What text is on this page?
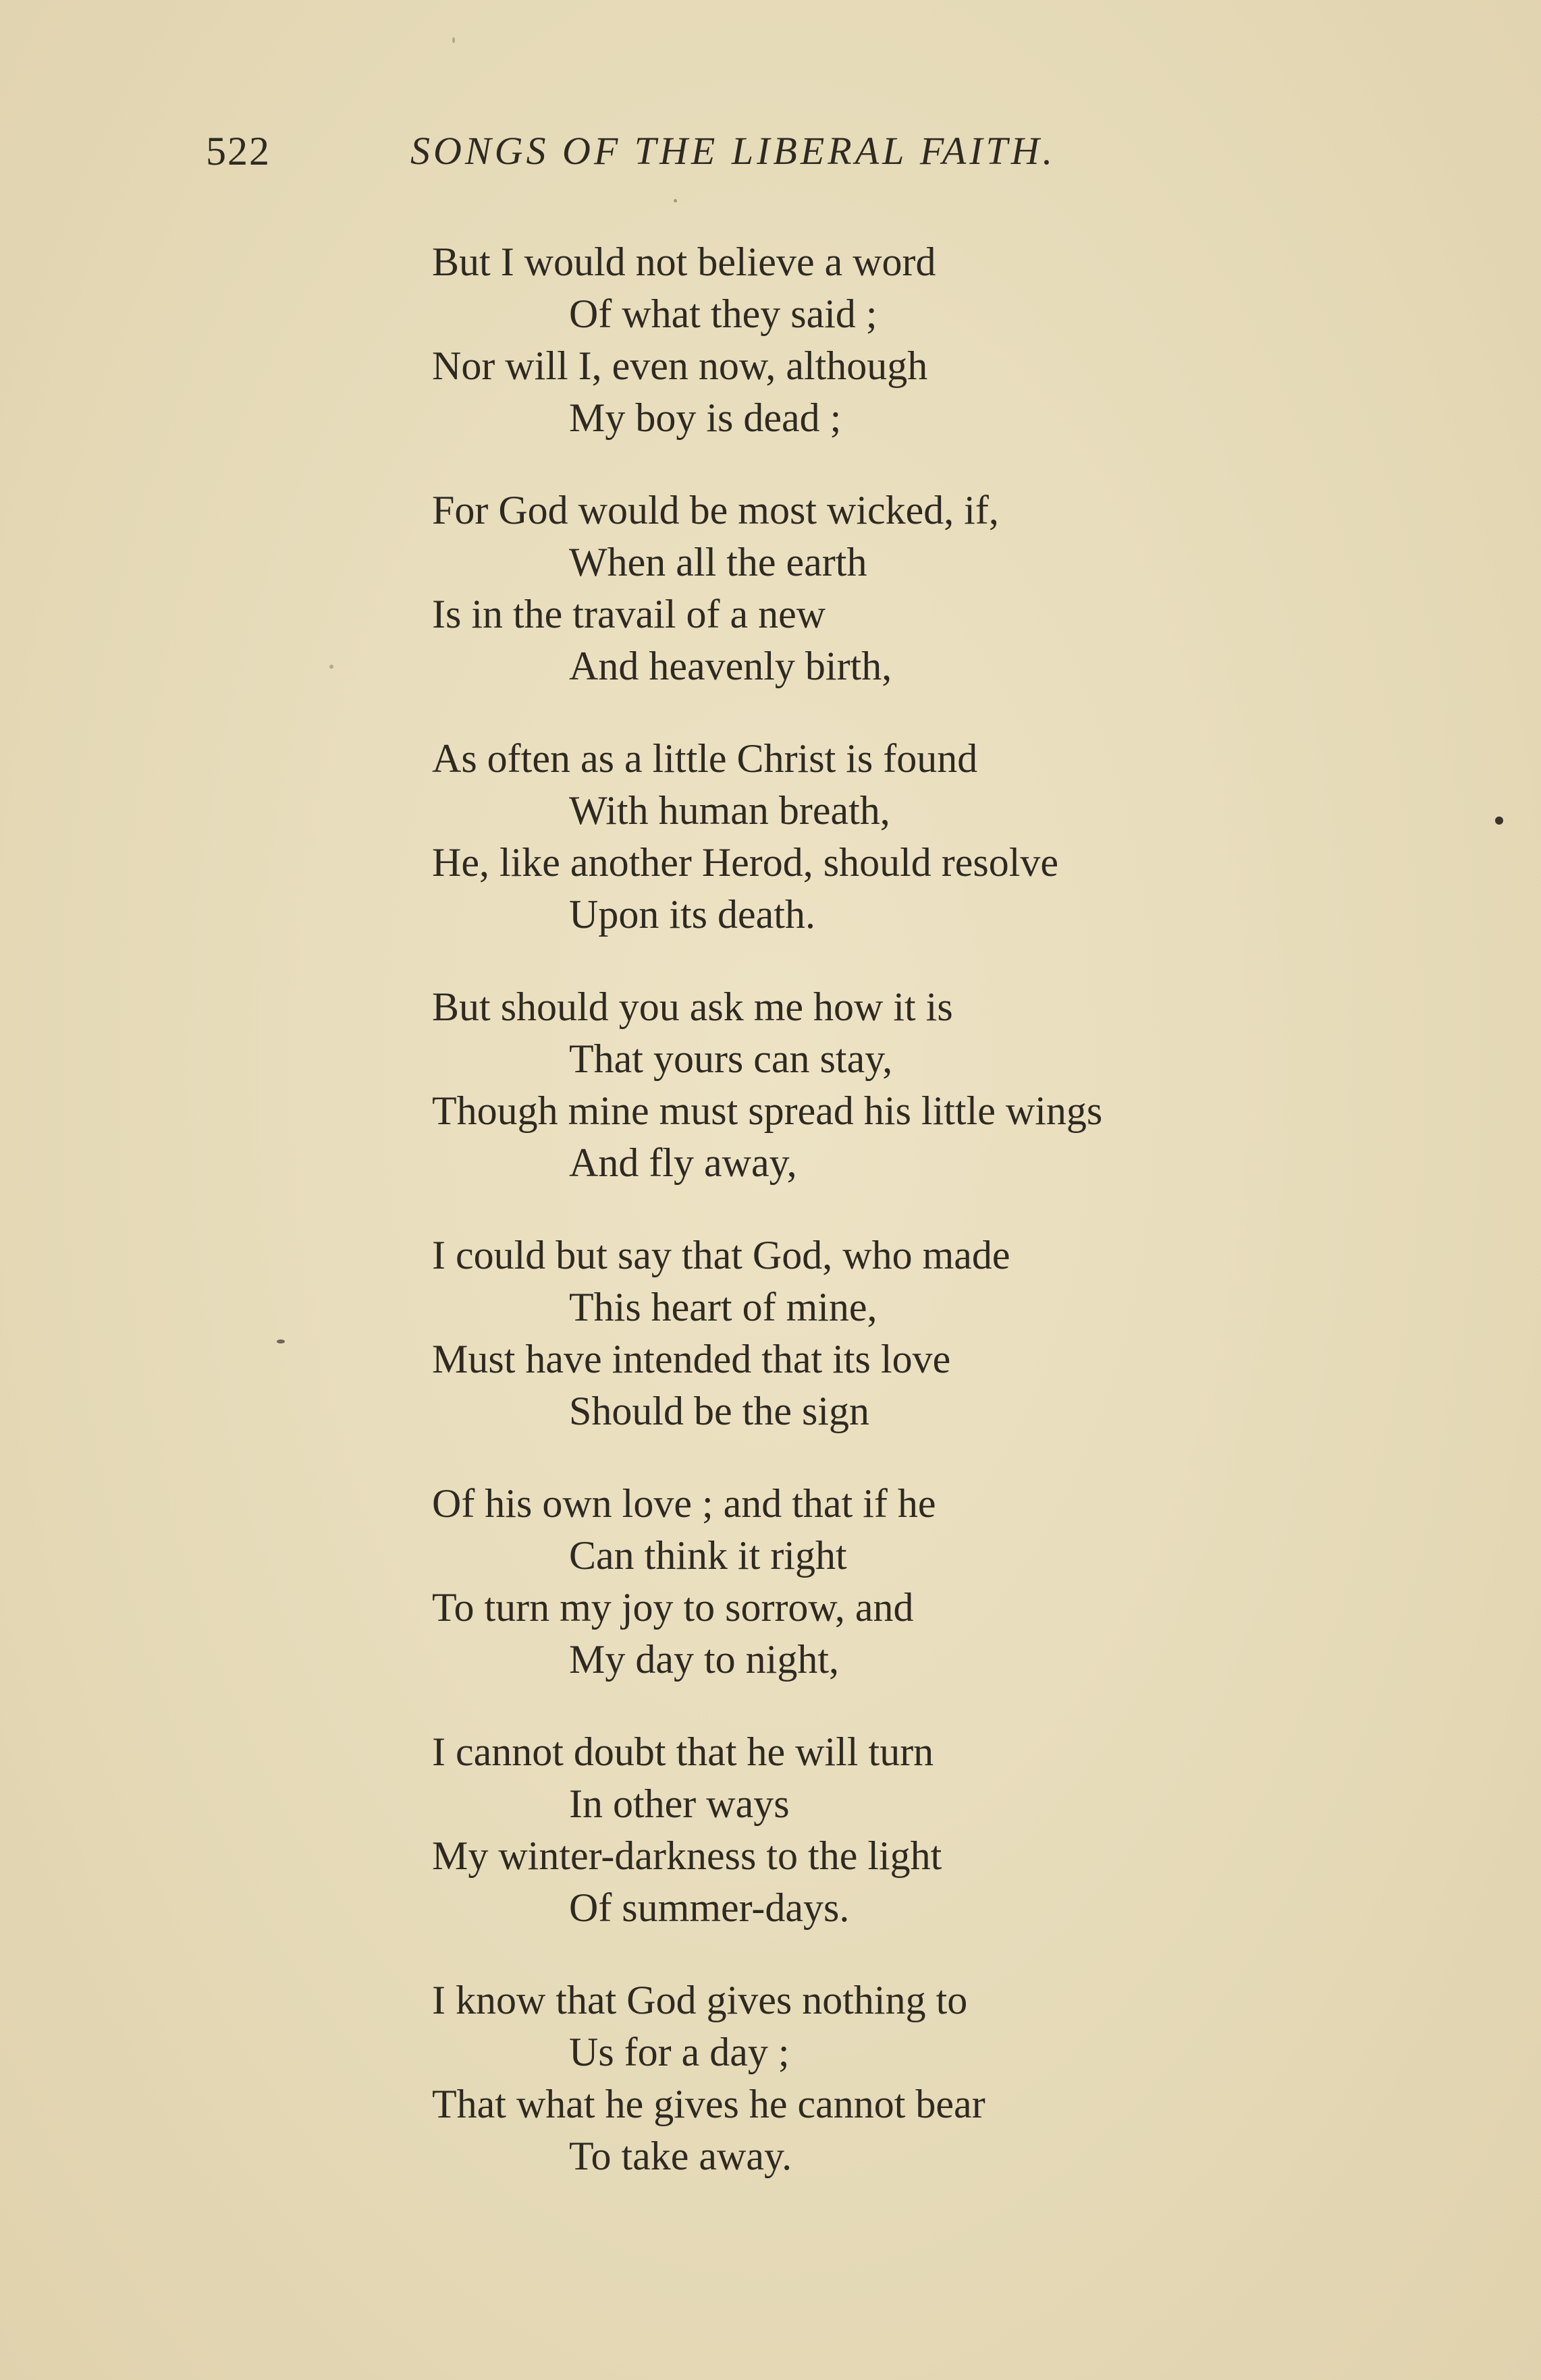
522	SONGS OF THE LIBERAL FAITH.
But I would not believe a word
Of what they said ;
Nor will I, even now, although
My boy is dead ;
For God would be most wicked, if,
When all the earth
Is in the travail of a new
And heavenly birth,
As often as a little Christ is found
With human breath,
He, like another Herod, should resolve
Upon its death.
But should you ask me how it is
That yours can stay,
Though mine must spread his little wings
And fly away,
I could but say that God, who made
This heart of mine,
Must have intended that its love
Should be the sign
Of his own love ; and that if he
Can think it right
To turn my joy to sorrow, and
My day to night,
I cannot doubt that he will turn
In other ways
My winter-darkness to the light
Of summer-days.
I know that God gives nothing to
Us for a day ;
That what he gives he cannot bear
To take away.
